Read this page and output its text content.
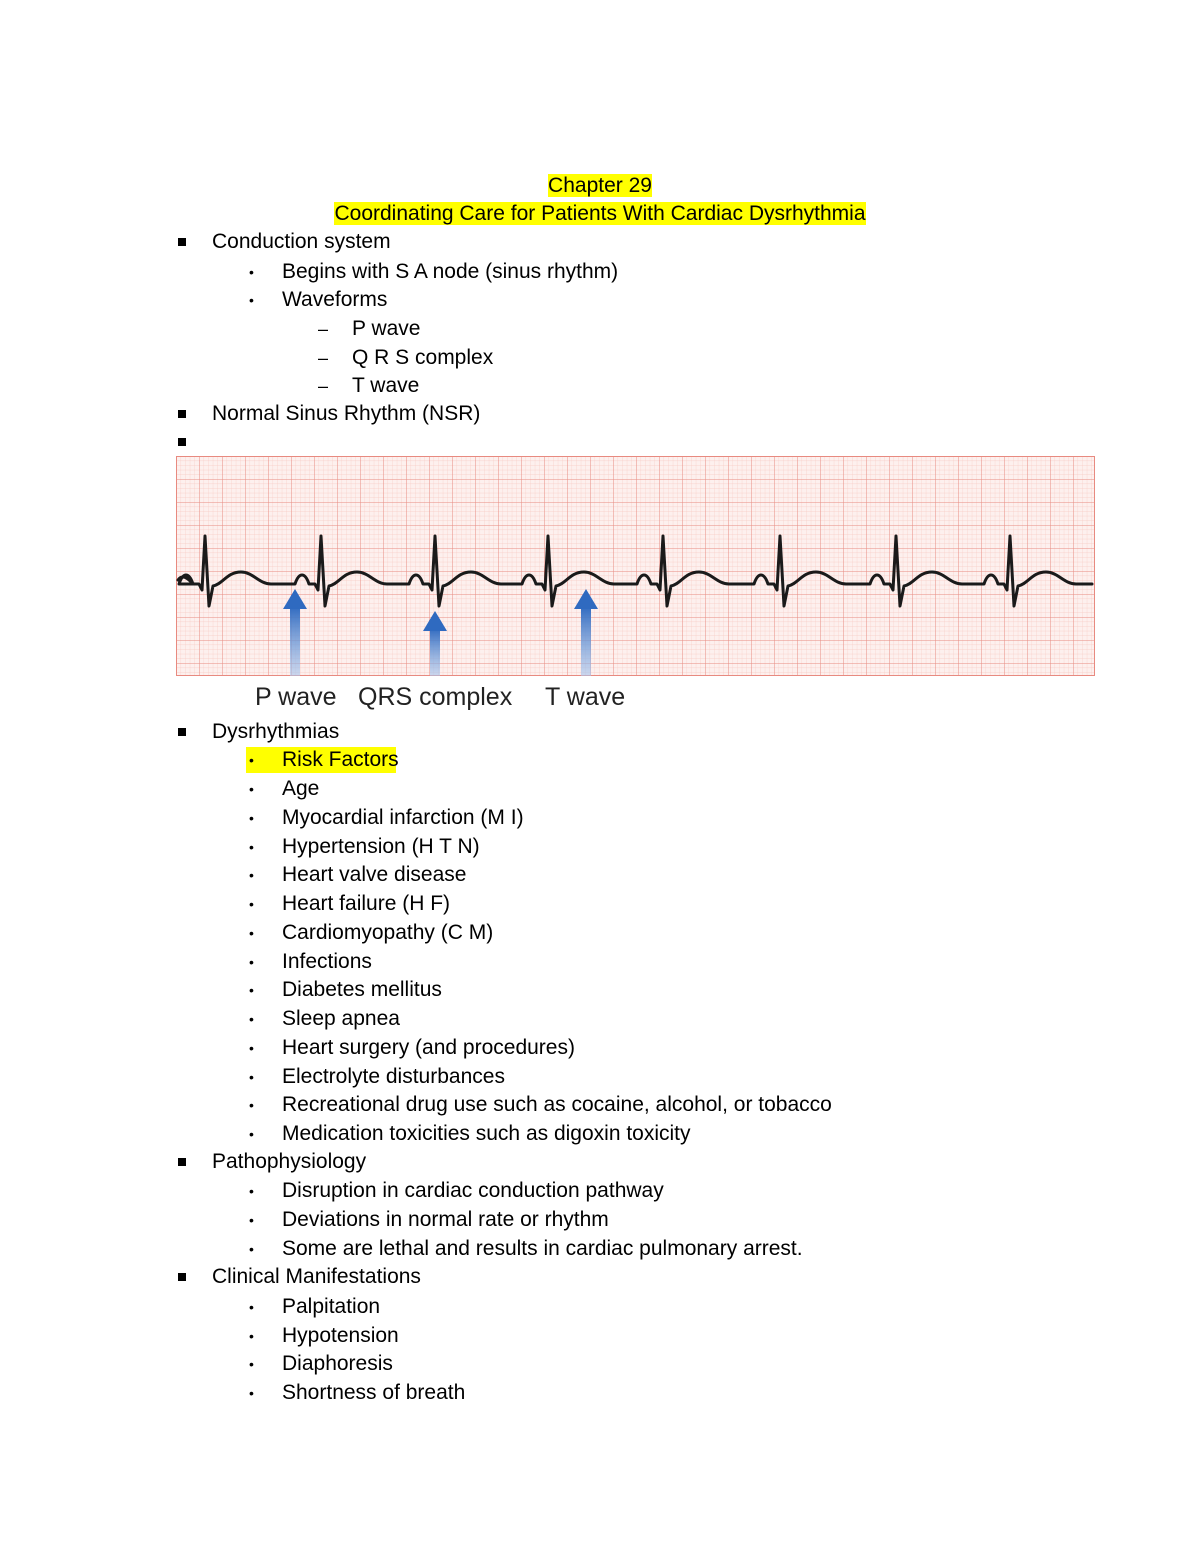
Chapter 29
Coordinating Care for Patients With Cardiac Dysrhythmia
Conduction system
• Begins with S A node (sinus rhythm)
• Waveforms
– P wave
– Q R S complex
– T wave
Normal Sinus Rhythm (NSR)
P wave QRS complex T wave
Dysrhythmias
• Risk Factors
• Age
• Myocardial infarction (M I)
• Hypertension (H T N)
• Heart valve disease
• Heart failure (H F)
• Cardiomyopathy (C M)
• Infections
• Diabetes mellitus
• Sleep apnea
• Heart surgery (and procedures)
• Electrolyte disturbances
• Recreational drug use such as cocaine, alcohol, or tobacco
• Medication toxicities such as digoxin toxicity
Pathophysiology
• Disruption in cardiac conduction pathway
• Deviations in normal rate or rhythm
• Some are lethal and results in cardiac pulmonary arrest.
Clinical Manifestations
• Palpitation
• Hypotension
• Diaphoresis
• Shortness of breath
